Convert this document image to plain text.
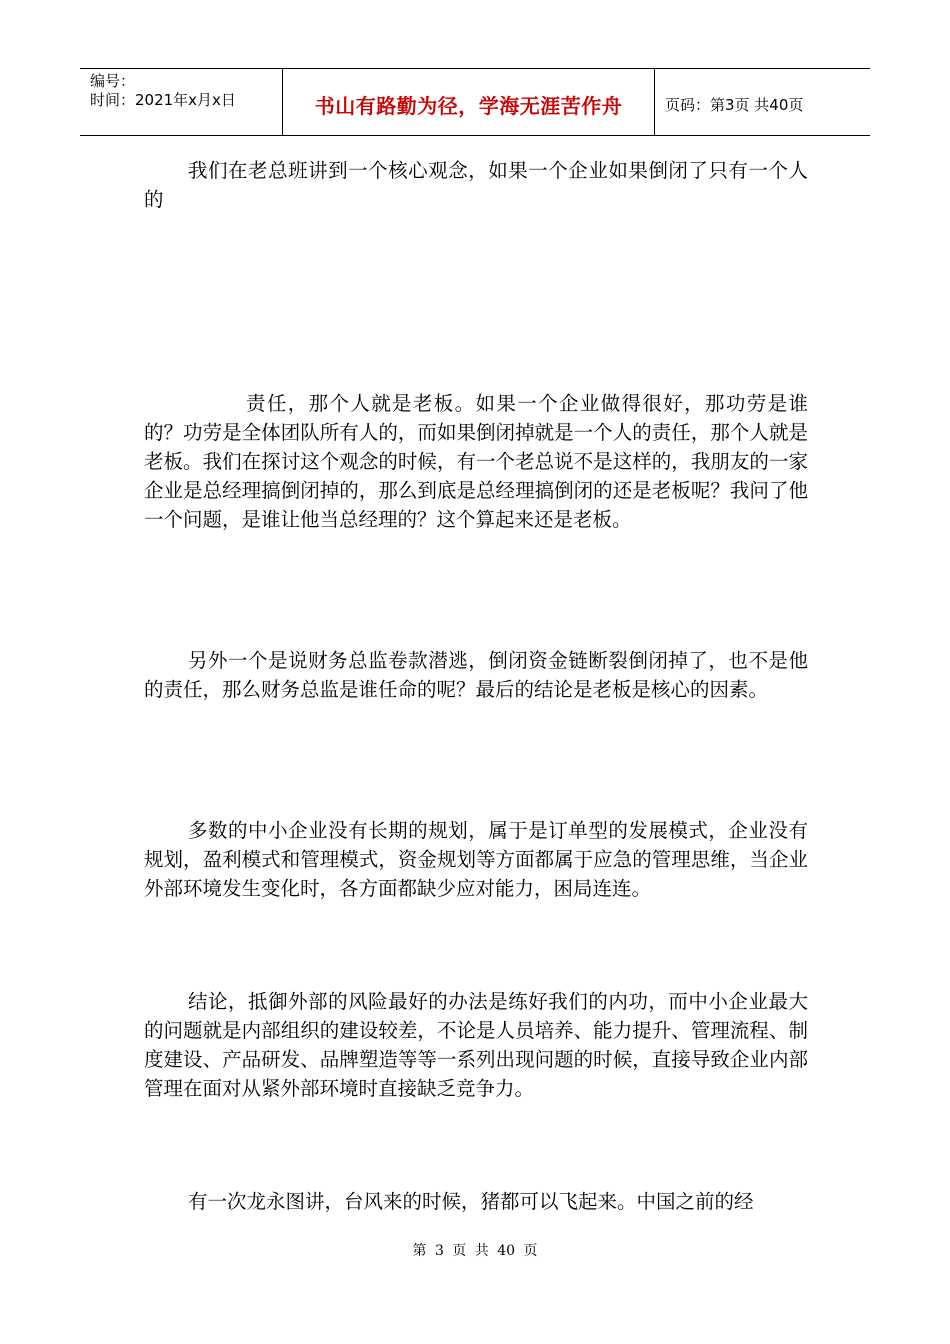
编号：
时间：2021年x月x日	书山有路勤为径，学海无涯苦作舟	页码：第3页 共40页

我们在老总班讲到一个核心观念，如果一个企业如果倒闭了只有一个人的

责任，那个人就是老板。如果一个企业做得很好，那功劳是谁的？功劳是全体团队所有人的，而如果倒闭掉就是一个人的责任，那个人就是老板。我们在探讨这个观念的时候，有一个老总说不是这样的，我朋友的一家企业是总经理搞倒闭掉的，那么到底是总经理搞倒闭的还是老板呢？我问了他一个问题，是谁让他当总经理的？这个算起来还是老板。

另外一个是说财务总监卷款潜逃，倒闭资金链断裂倒闭掉了，也不是他的责任，那么财务总监是谁任命的呢？最后的结论是老板是核心的因素。

多数的中小企业没有长期的规划，属于是订单型的发展模式，企业没有规划，盈利模式和管理模式，资金规划等方面都属于应急的管理思维，当企业外部环境发生变化时，各方面都缺少应对能力，困局连连。

结论，抵御外部的风险最好的办法是练好我们的内功，而中小企业最大的问题就是内部组织的建设较差，不论是人员培养、能力提升、管理流程、制度建设、产品研发、品牌塑造等等一系列出现问题的时候，直接导致企业内部管理在面对从紧外部环境时直接缺乏竞争力。

有一次龙永图讲，台风来的时候，猪都可以飞起来。中国之前的经

第 3 页 共 40 页
